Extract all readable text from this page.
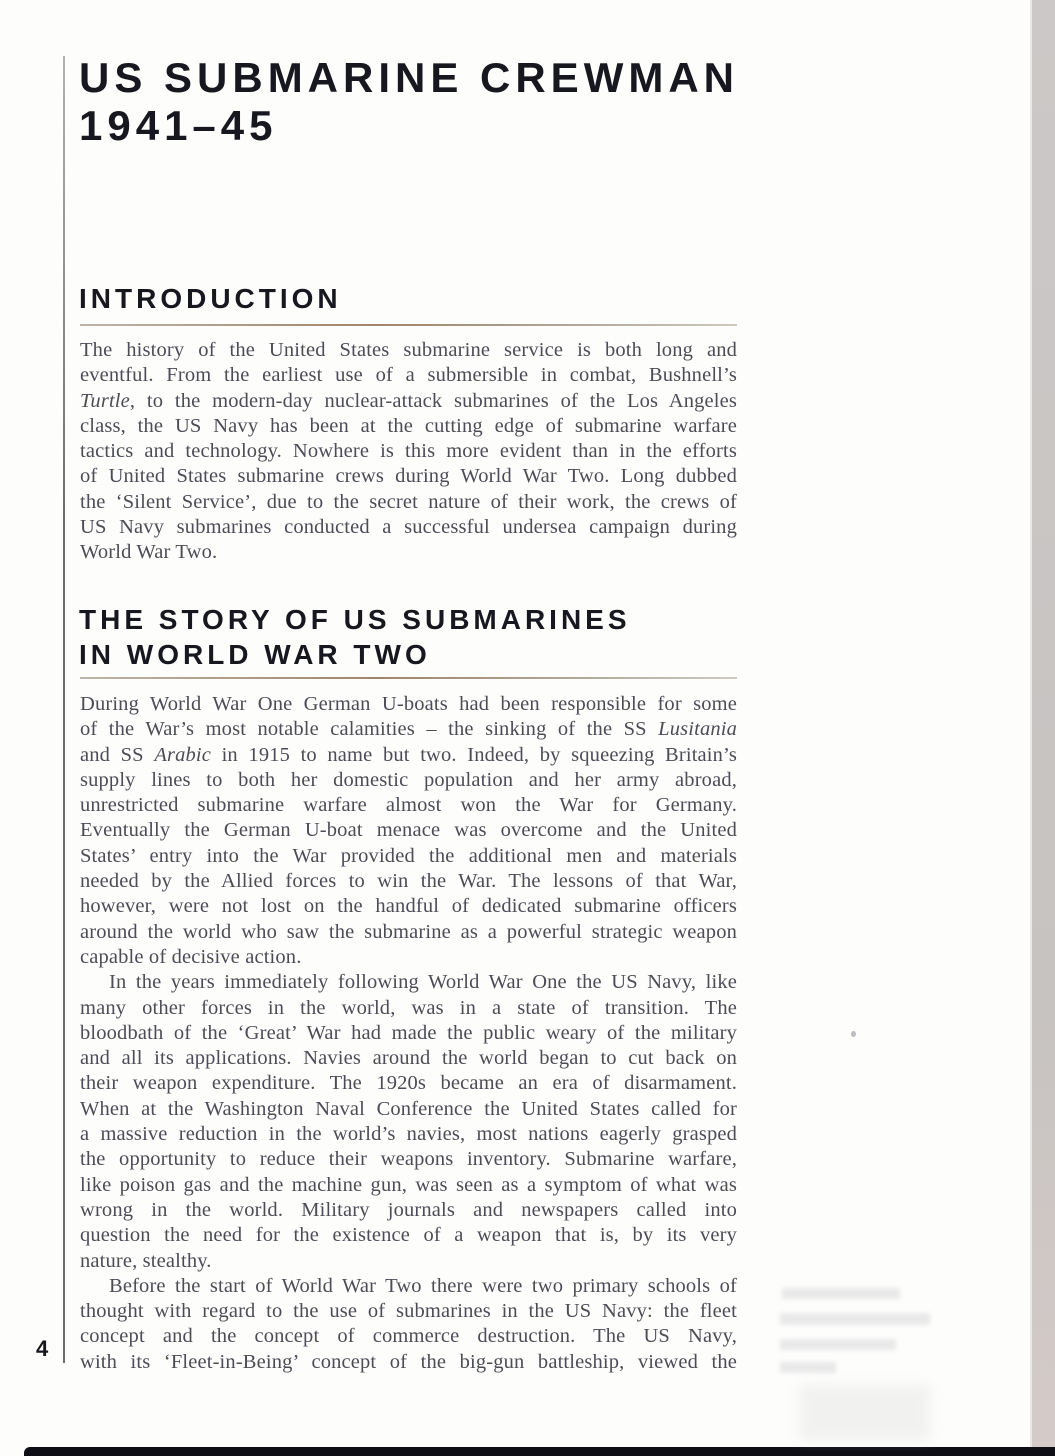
US SUBMARINE CREWMAN
1941–45
INTRODUCTION
The history of the United States submarine service is both long and
eventful. From the earliest use of a submersible in combat, Bushnell’s
Turtle, to the modern-day nuclear-attack submarines of the Los Angeles
class, the US Navy has been at the cutting edge of submarine warfare
tactics and technology. Nowhere is this more evident than in the efforts
of United States submarine crews during World War Two. Long dubbed
the ‘Silent Service’, due to the secret nature of their work, the crews of
US Navy submarines conducted a successful undersea campaign during
World War Two.
THE STORY OF US SUBMARINES
IN WORLD WAR TWO
During World War One German U-boats had been responsible for some
of the War’s most notable calamities – the sinking of the SS Lusitania
and SS Arabic in 1915 to name but two. Indeed, by squeezing Britain’s
supply lines to both her domestic population and her army abroad,
unrestricted submarine warfare almost won the War for Germany.
Eventually the German U-boat menace was overcome and the United
States’ entry into the War provided the additional men and materials
needed by the Allied forces to win the War. The lessons of that War,
however, were not lost on the handful of dedicated submarine officers
around the world who saw the submarine as a powerful strategic weapon
capable of decisive action.
In the years immediately following World War One the US Navy, like
many other forces in the world, was in a state of transition. The
bloodbath of the ‘Great’ War had made the public weary of the military
and all its applications. Navies around the world began to cut back on
their weapon expenditure. The 1920s became an era of disarmament.
When at the Washington Naval Conference the United States called for
a massive reduction in the world’s navies, most nations eagerly grasped
the opportunity to reduce their weapons inventory. Submarine warfare,
like poison gas and the machine gun, was seen as a symptom of what was
wrong in the world. Military journals and newspapers called into
question the need for the existence of a weapon that is, by its very
nature, stealthy.
Before the start of World War Two there were two primary schools of
thought with regard to the use of submarines in the US Navy: the fleet
concept and the concept of commerce destruction. The US Navy,
with its ‘Fleet-in-Being’ concept of the big-gun battleship, viewed the
4
